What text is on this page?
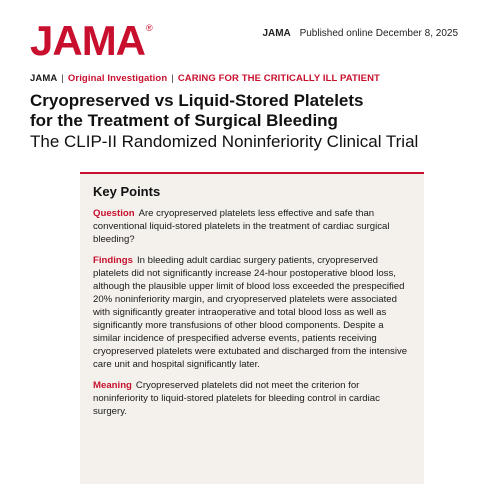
JAMA®	JAMA Published online December 8, 2025
JAMA | Original Investigation | CARING FOR THE CRITICALLY ILL PATIENT
Cryopreserved vs Liquid-Stored Platelets
for the Treatment of Surgical Bleeding
The CLIP-II Randomized Noninferiority Clinical Trial
Key Points

Question Are cryopreserved platelets less effective and safe than conventional liquid-stored platelets in the treatment of cardiac surgical bleeding?

Findings In bleeding adult cardiac surgery patients, cryopreserved platelets did not significantly increase 24-hour postoperative blood loss, although the plausible upper limit of blood loss exceeded the prespecified 20% noninferiority margin, and cryopreserved platelets were associated with significantly greater intraoperative and total blood loss as well as significantly more transfusions of other blood components. Despite a similar incidence of prespecified adverse events, patients receiving cryopreserved platelets were extubated and discharged from the intensive care unit and hospital significantly later.

Meaning Cryopreserved platelets did not meet the criterion for noninferiority to liquid-stored platelets for bleeding control in cardiac surgery.
